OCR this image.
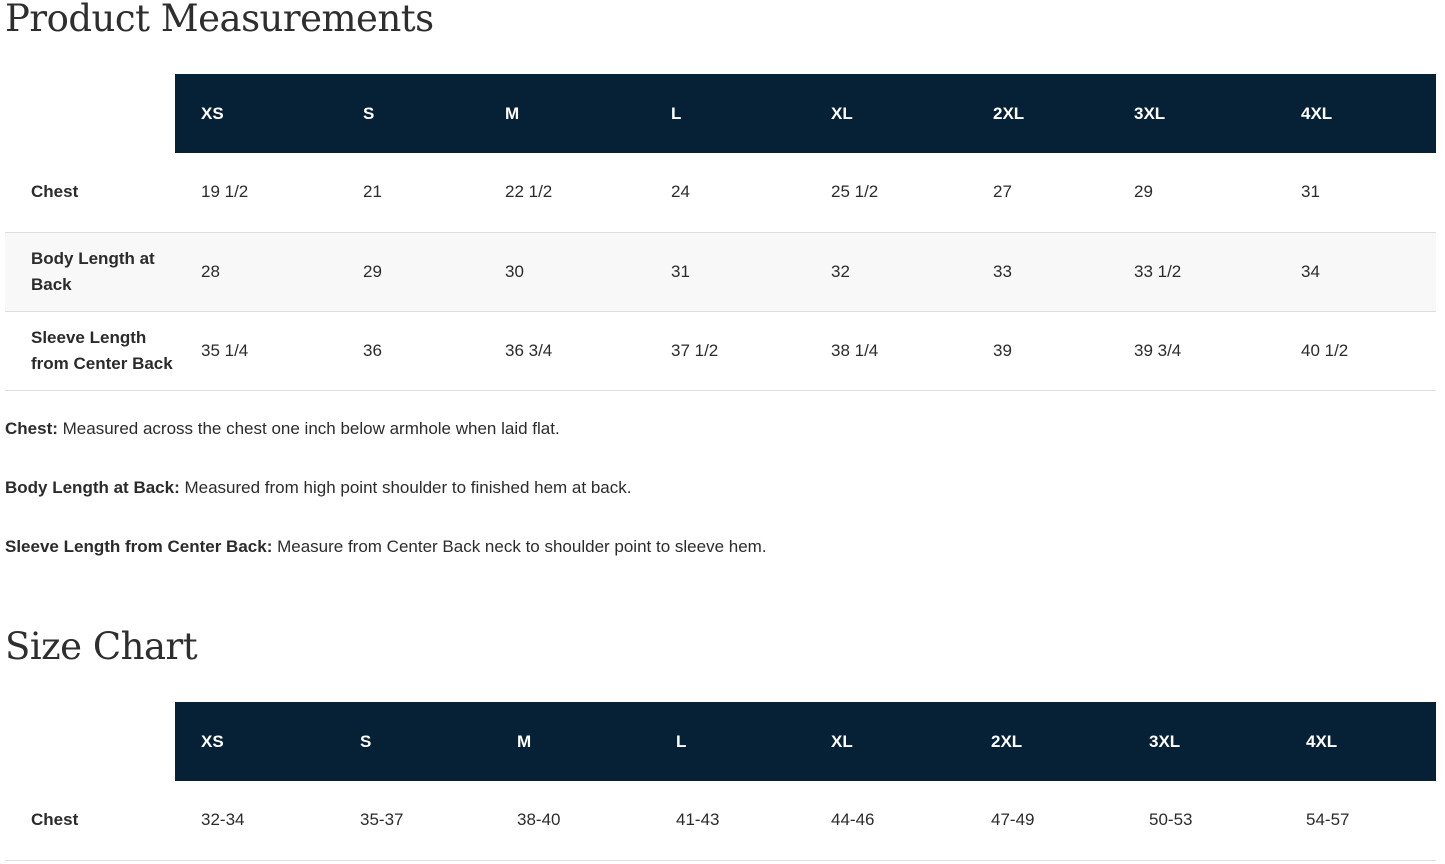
Product Measurements
	XS	S	M	L	XL	2XL	3XL	4XL
Chest	19 1/2	21	22 1/2	24	25 1/2	27	29	31
Body Length at Back	28	29	30	31	32	33	33 1/2	34
Sleeve Length from Center Back	35 1/4	36	36 3/4	37 1/2	38 1/4	39	39 3/4	40 1/2

Chest: Measured across the chest one inch below armhole when laid flat.

Body Length at Back: Measured from high point shoulder to finished hem at back.

Sleeve Length from Center Back: Measure from Center Back neck to shoulder point to sleeve hem.

Size Chart
	XS	S	M	L	XL	2XL	3XL	4XL
Chest	32-34	35-37	38-40	41-43	44-46	47-49	50-53	54-57
